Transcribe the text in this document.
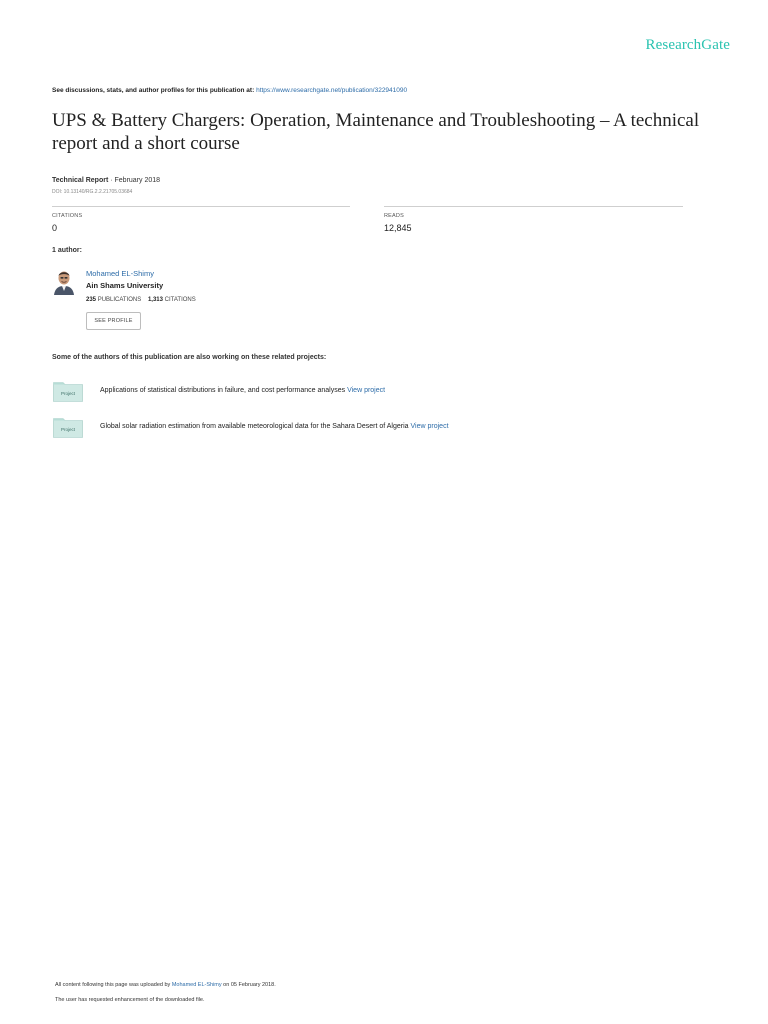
ResearchGate
See discussions, stats, and author profiles for this publication at: https://www.researchgate.net/publication/322941090
UPS & Battery Chargers: Operation, Maintenance and Troubleshooting – A technical report and a short course
Technical Report · February 2018
DOI: 10.13140/RG.2.2.21705.03684
CITATIONS
0
READS
12,845
1 author:
Mohamed EL-Shimy
Ain Shams University
235 PUBLICATIONS 1,313 CITATIONS
SEE PROFILE
Some of the authors of this publication are also working on these related projects:
Project	Applications of statistical distributions in failure, and cost performance analyses View project
Project	Global solar radiation estimation from available meteorological data for the Sahara Desert of Algeria View project
All content following this page was uploaded by Mohamed EL-Shimy on 05 February 2018.
The user has requested enhancement of the downloaded file.
